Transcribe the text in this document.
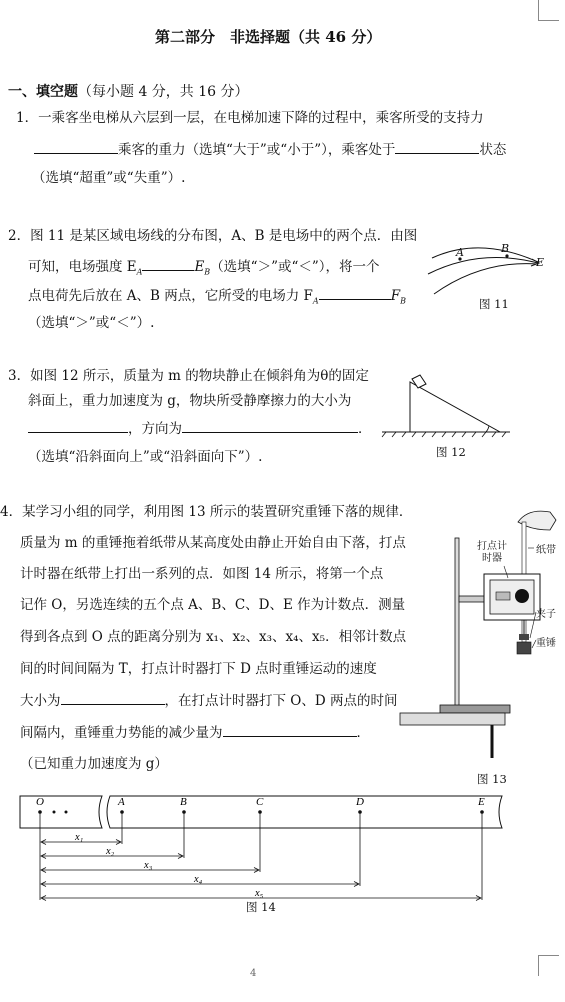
第二部分　非选择题（共 46 分）
一、填空题（每小题 4 分，共 16 分）
1．一乘客坐电梯从六层到一层，在电梯加速下降的过程中，乘客所受的支持力
乘客的重力（选填“大于”或“小于”），乘客处于	状态
（选填“超重”或“失重”）.
2．图 11 是某区域电场线的分布图，A、B 是电场中的两个点．由图
可知，电场强度 $E_A$	$E_B$（选填“＞”或“＜”），将一个
点电荷先后放在 A、B 两点，它所受的电场力 $F_A$	$F_B$
（选填“＞”或“＜”）.
A	B
E
图 11
3．如图 12 所示，质量为 m 的物块静止在倾斜角为θ的固定
斜面上，重力加速度为 g，物块所受静摩擦力的大小为
，方向为	．
（选填“沿斜面向上”或“沿斜面向下”）.	图 12
4．某学习小组的同学，利用图 13 所示的装置研究重锤下落的规律．
质量为 m 的重锤拖着纸带从某高度处由静止开始自由下落，打点
计时器在纸带上打出一系列的点．如图 14 所示，将第一个点
记作 O，另选连续的五个点 A、B、C、D、E 作为计数点．测量
得到各点到 O 点的距离分别为 x₁、x₂、x₃、x₄、x₅．相邻计数点
间的时间间隔为 T，打点计时器打下 D 点时重锤运动的速度
大小为	，在打点计时器打下 O、D 两点的时间
间隔内，重锤重力势能的减少量为	．
（已知重力加速度为 g）
打点计
时器
纸带
夹子
重锤
图 13
O	A	B	C	D	E
x₁
x₂
x₃
x₄
x₅
图 14
4
